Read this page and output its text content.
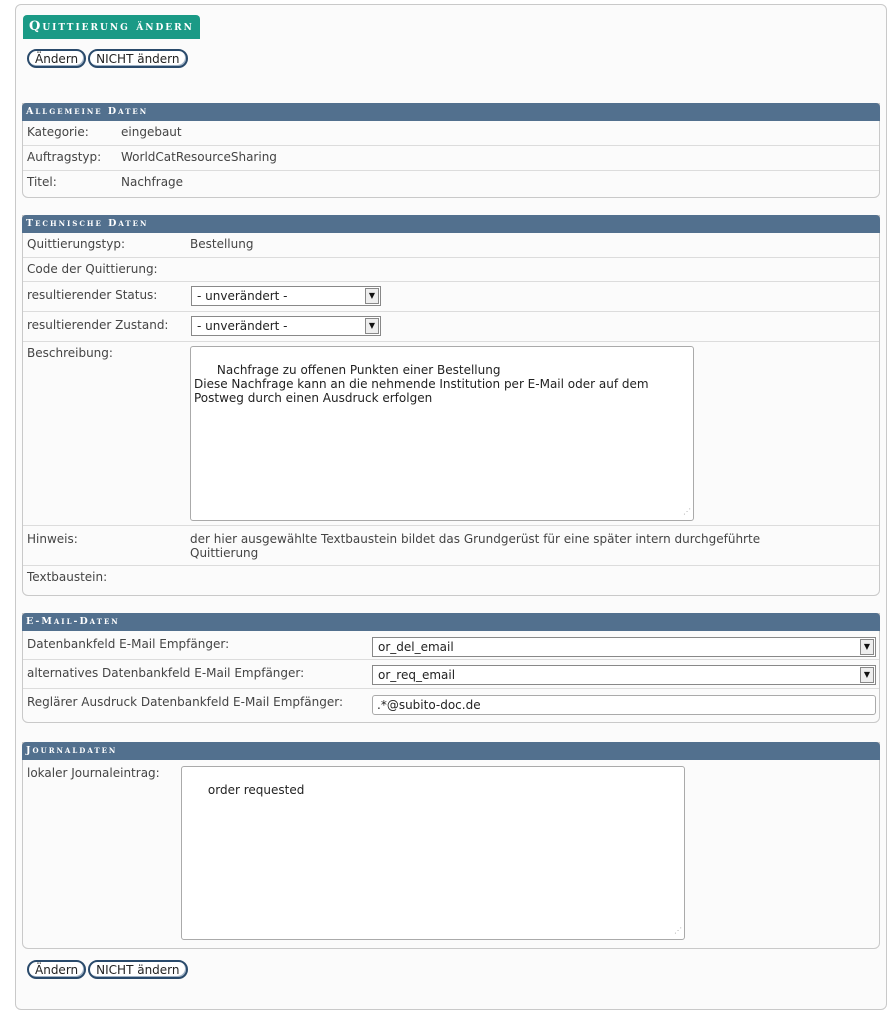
Quittierung ändern
Ändern NICHT ändern
Allgemeine Daten
Kategorie:	eingebaut
Auftragstyp: WorldCatResourceSharing
Titel:	Nachfrage
Technische Daten
Quittierungstyp:	Bestellung
Code der Quittierung:
resultierender Status:	- unverändert -	▼
resultierender Zustand:	- unverändert -	▼
Beschreibung:

Nachfrage zu offenen Punkten einer Bestellung
Diese Nachfrage kann an die nehmende Institution per E-Mail oder auf dem
Postweg durch einen Ausdruck erfolgen

⋰

Hinweis:	der hier ausgewählte Textbaustein bildet das Grundgerüst für eine später intern durchgeführte
Quittierung
Textbaustein:
E-Mail-Daten
Datenbankfeld E-Mail Empfänger:	or_del_email	▼
alternatives Datenbankfeld E-Mail Empfänger:	or_req_email	▼
Reglärer Ausdruck Datenbankfeld E-Mail Empfänger:	.*@subito-doc.de
Journaldaten
lokaler Journaleintrag:

order requested

⋰

Ändern NICHT ändern
